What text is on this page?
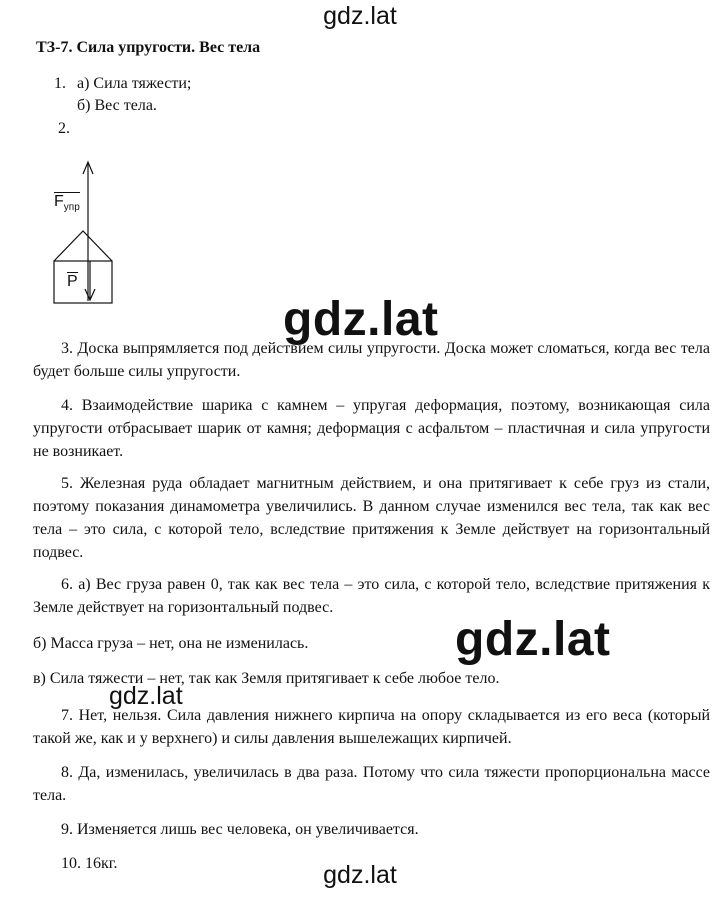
gdz.lat
ТЗ-7. Сила упругости. Вес тела
1. а) Сила тяжести;
б) Вес тела.
2.
$F_{упр}$
P
gdz.lat
3. Доска выпрямляется под действием силы упругости. Доска может сломаться, когда вес тела будет больше силы упругости.
4. Взаимодействие шарика с камнем – упругая деформация, поэтому, возникающая сила упругости отбрасывает шарик от камня; деформация с асфальтом – пластичная и сила упругости не возникает.
5. Железная руда обладает магнитным действием, и она притягивает к себе груз из стали, поэтому показания динамометра увеличились. В данном случае изменился вес тела, так как вес тела – это сила, с которой тело, вследствие притяжения к Земле действует на горизонтальный подвес.
6. а) Вес груза равен 0, так как вес тела – это сила, с которой тело, вследствие притяжения к Земле действует на горизонтальный подвес.
б) Масса груза – нет, она не изменилась.	gdz.lat
в) Сила тяжести – нет, так как Земля притягивает к себе любое тело.
gdz.lat
7. Нет, нельзя. Сила давления нижнего кирпича на опору складывается из его веса (который такой же, как и у верхнего) и силы давления вышележащих кирпичей.
8. Да, изменилась, увеличилась в два раза. Потому что сила тяжести пропорциональна массе тела.
9. Изменяется лишь вес человека, он увеличивается.
10. 16кг.	gdz.lat
